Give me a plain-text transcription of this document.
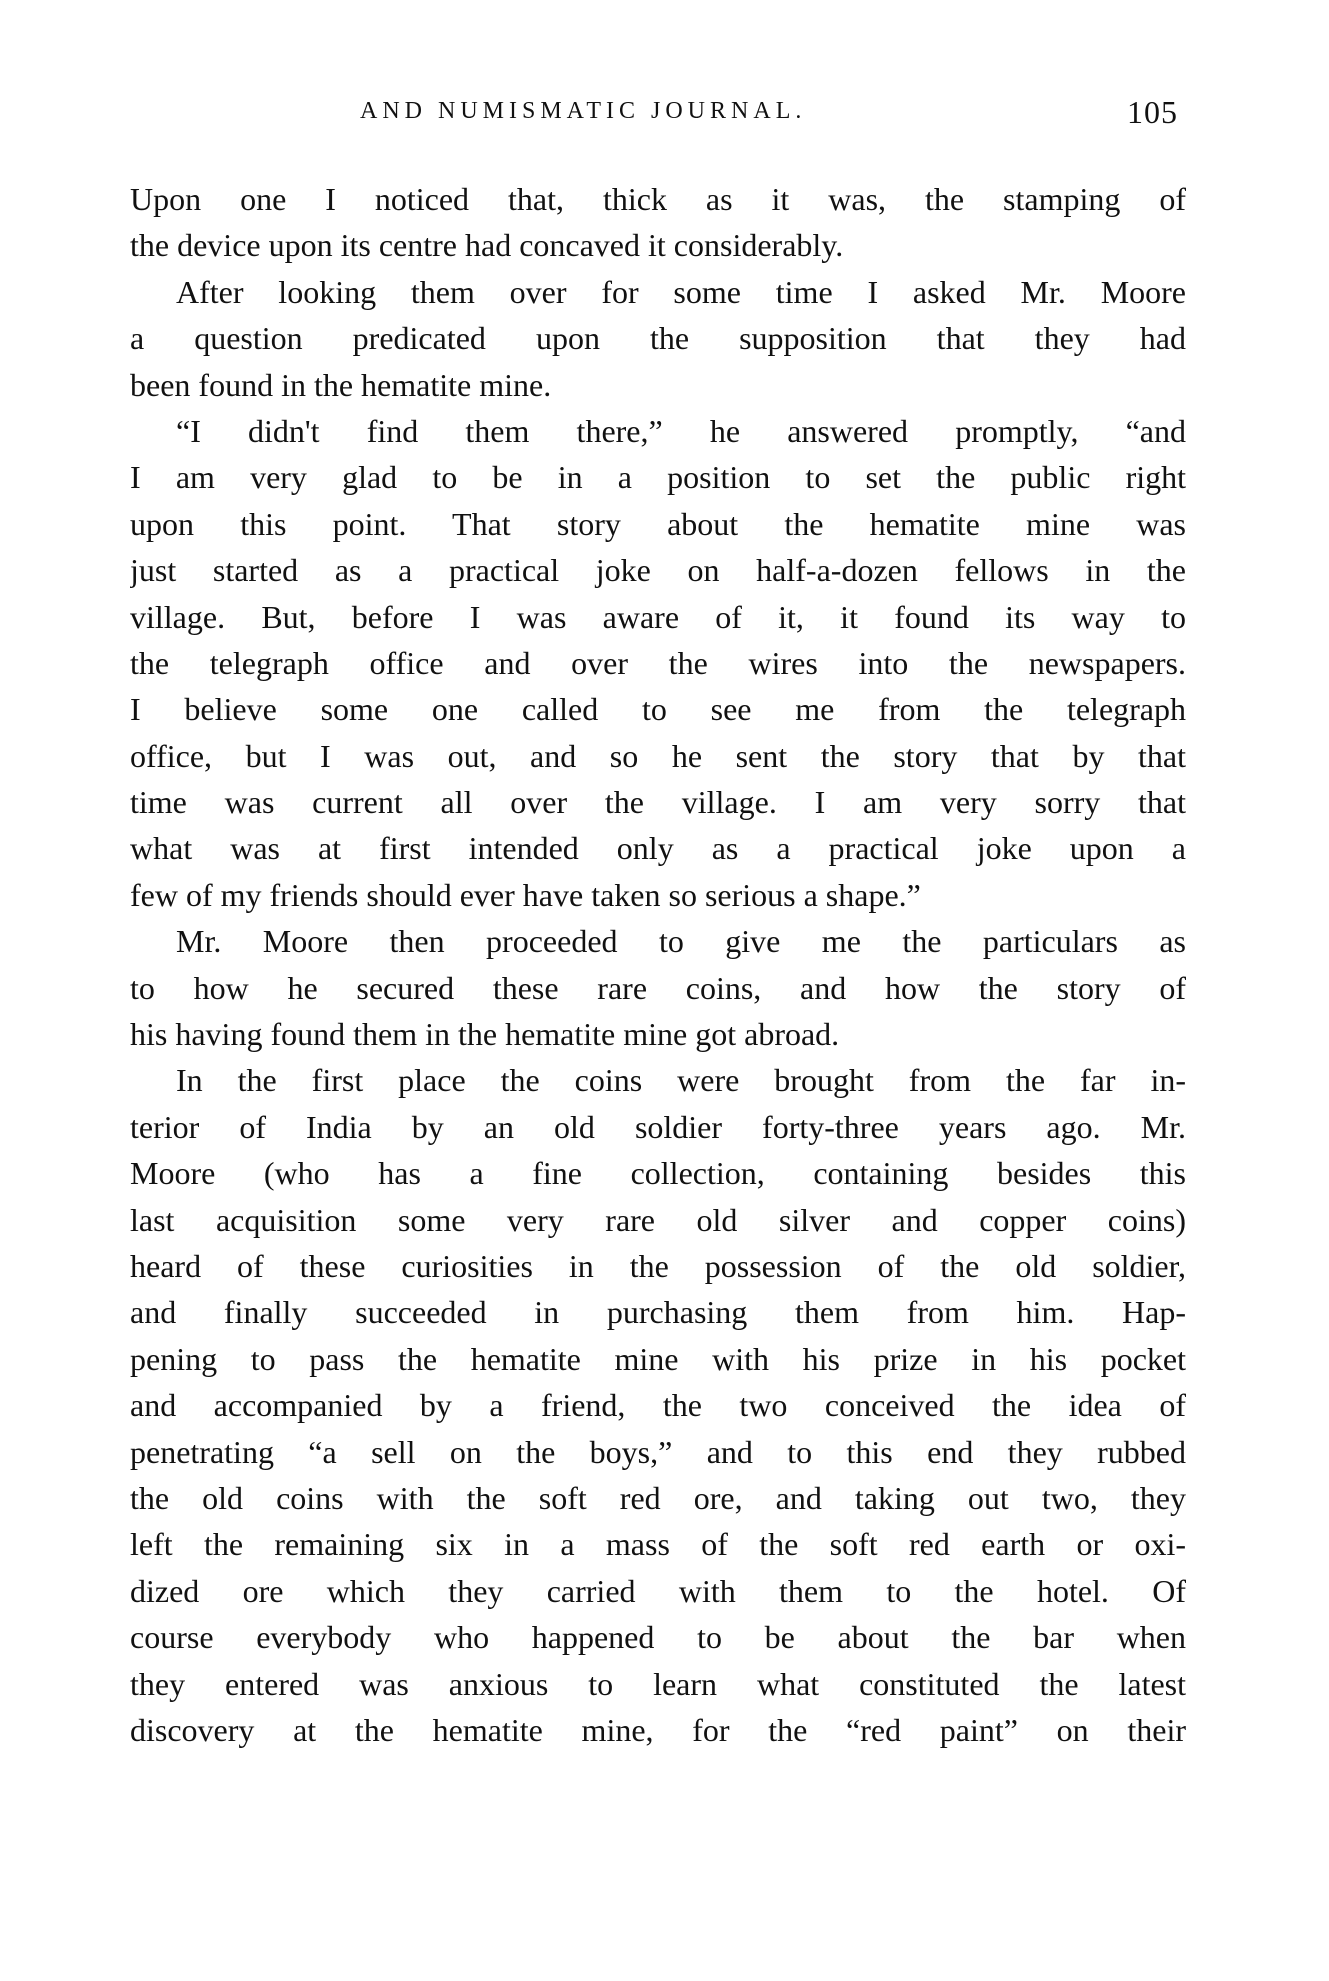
AND NUMISMATIC JOURNAL.	105
Upon one I noticed that, thick as it was, the stamping of
the device upon its centre had concaved it considerably.
After looking them over for some time I asked Mr. Moore
a question predicated upon the supposition that they had
been found in the hematite mine.
“I didn't find them there,” he answered promptly, “and
I am very glad to be in a position to set the public right
upon this point. That story about the hematite mine was
just started as a practical joke on half-a-dozen fellows in the
village. But, before I was aware of it, it found its way to
the telegraph office and over the wires into the newspapers.
I believe some one called to see me from the telegraph
office, but I was out, and so he sent the story that by that
time was current all over the village. I am very sorry that
what was at first intended only as a practical joke upon a
few of my friends should ever have taken so serious a shape.”
Mr. Moore then proceeded to give me the particulars as
to how he secured these rare coins, and how the story of
his having found them in the hematite mine got abroad.
In the first place the coins were brought from the far in-
terior of India by an old soldier forty-three years ago. Mr.
Moore (who has a fine collection, containing besides this
last acquisition some very rare old silver and copper coins)
heard of these curiosities in the possession of the old soldier,
and finally succeeded in purchasing them from him. Hap-
pening to pass the hematite mine with his prize in his pocket
and accompanied by a friend, the two conceived the idea of
penetrating “a sell on the boys,” and to this end they rubbed
the old coins with the soft red ore, and taking out two, they
left the remaining six in a mass of the soft red earth or oxi-
dized ore which they carried with them to the hotel. Of
course everybody who happened to be about the bar when
they entered was anxious to learn what constituted the latest
discovery at the hematite mine, for the “red paint” on their
